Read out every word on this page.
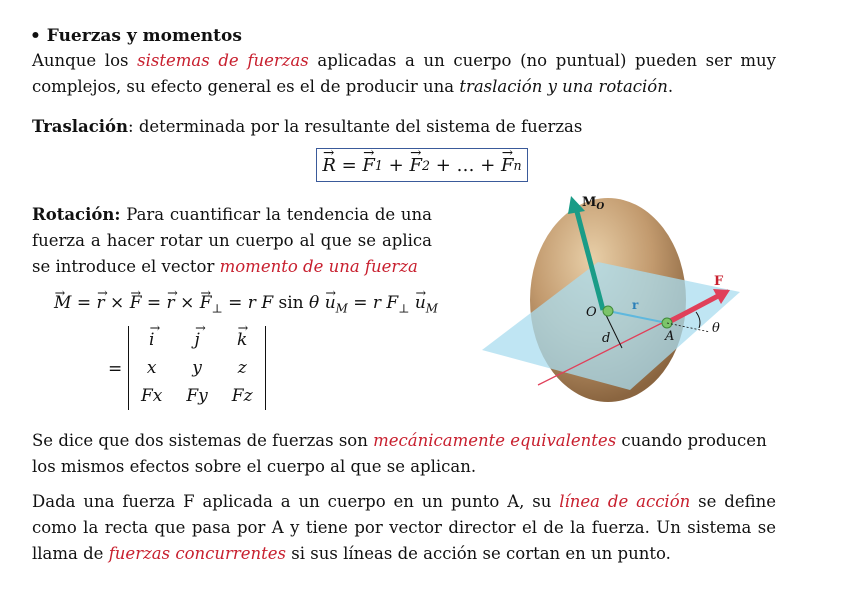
• Fuerzas y momentos
Aunque los sistemas de fuerzas aplicadas a un cuerpo (no puntual) pueden ser muy complejos, su efecto general es el de producir una traslación y una rotación.
Traslación: determinada por la resultante del sistema de fuerzas
→ R = → F 1 + → F 2 + … + → F n
Rotación: Para cuantificar la tendencia de una fuerza a hacer rotar un cuerpo al que se aplica se introduce el vector momento de una fuerza
→ M = → r × → F = → r × → $F_\perp = r$ F $\sin \theta \to u_M = r$ $F_\perp \to u_M$
=
→ i	→ j	→ k
x	y	z
Fx	Fy	Fz
$M_O$
F
r
d
O
A
θ
Se dice que dos sistemas de fuerzas son mecánicamente equivalentes cuando producen los mismos efectos sobre el cuerpo al que se aplican.
Dada una fuerza F aplicada a un cuerpo en un punto A, su línea de acción se define como la recta que pasa por A y tiene por vector director el de la fuerza. Un sistema se llama de fuerzas concurrentes si sus líneas de acción se cortan en un punto.
